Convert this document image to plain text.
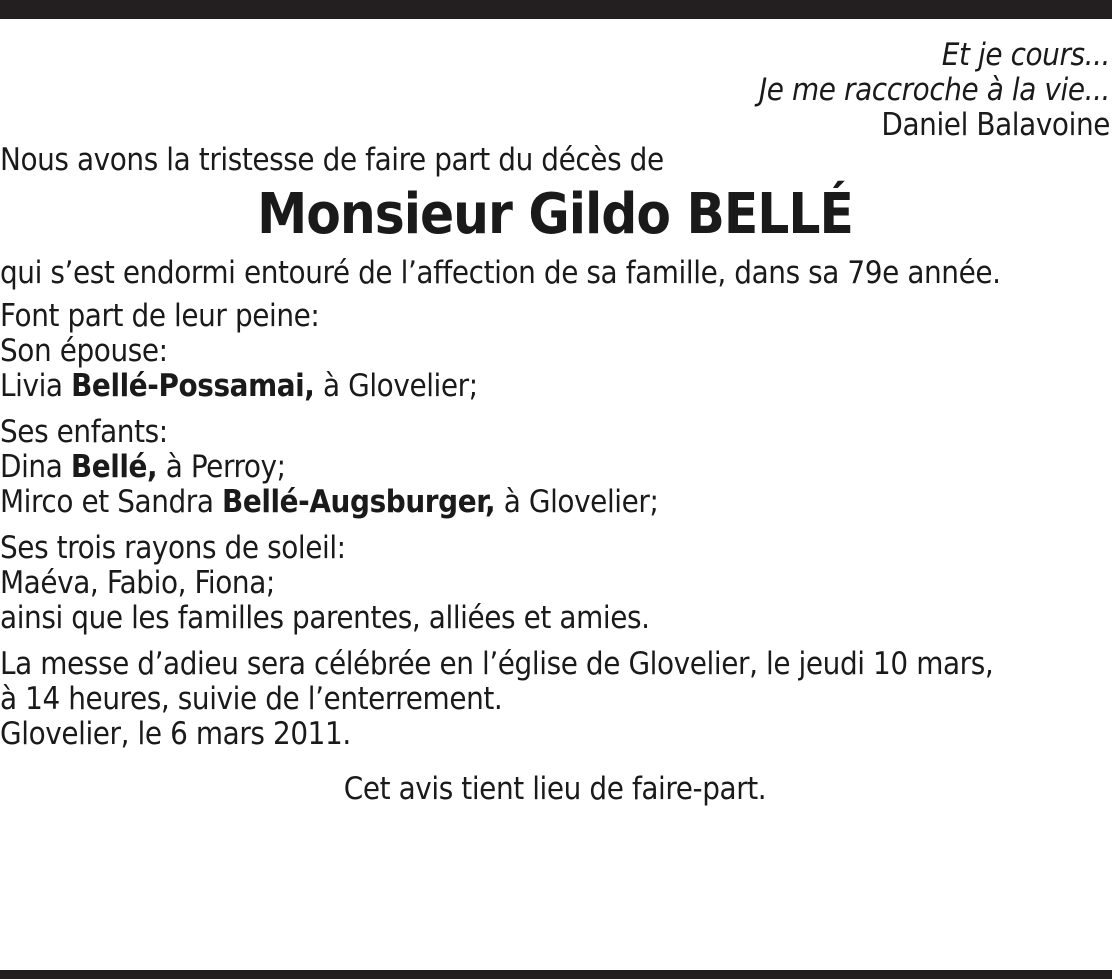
Et je cours...
Je me raccroche à la vie...
Daniel Balavoine
Nous avons la tristesse de faire part du décès de
Monsieur Gildo BELLÉ
qui s’est endormi entouré de l’affection de sa famille, dans sa 79e année.
Font part de leur peine:
Son épouse:
Livia Bellé-Possamai, à Glovelier;
Ses enfants:
Dina Bellé, à Perroy;
Mirco et Sandra Bellé-Augsburger, à Glovelier;
Ses trois rayons de soleil:
Maéva, Fabio, Fiona;
ainsi que les familles parentes, alliées et amies.
La messe d’adieu sera célébrée en l’église de Glovelier, le jeudi 10 mars,
à 14 heures, suivie de l’enterrement.
Glovelier, le 6 mars 2011.
Cet avis tient lieu de faire-part.
